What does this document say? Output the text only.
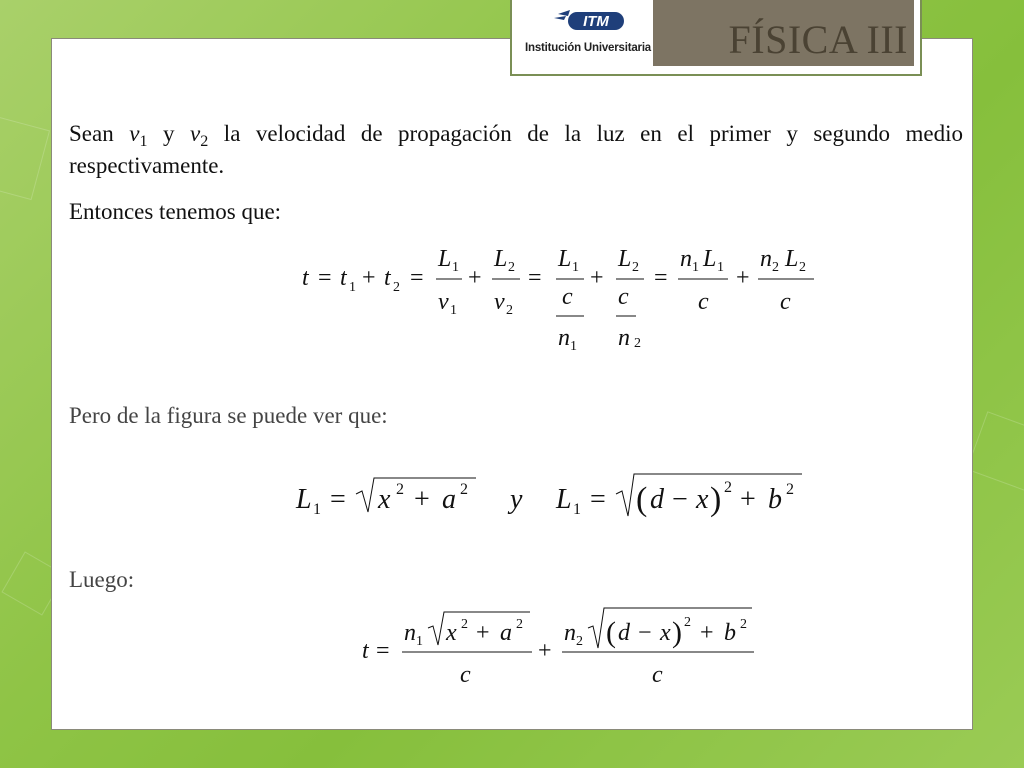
ITM
Institución Universitaria	FÍSICA III
Sean $v_1$ y $v_2$ la velocidad de propagación de la luz en el primer y segundo medio respectivamente.
Entonces tenemos que:
t = t 1 + t 2 =
L 1
v 1
+
L 2
v 2
=
L 1
c
n 1
+
L 2
c
n 2
=
n 1 L 1
c
+
n 2 L 2
c
Pero de la figura se puede ver que:
L 1 = x 2 + a 2 y L 1 = ( d − x ) 2 + b 2
Luego:
t =
n 1 x 2 + a 2
c
+
n 2 ( d − x ) 2 + b 2
c
